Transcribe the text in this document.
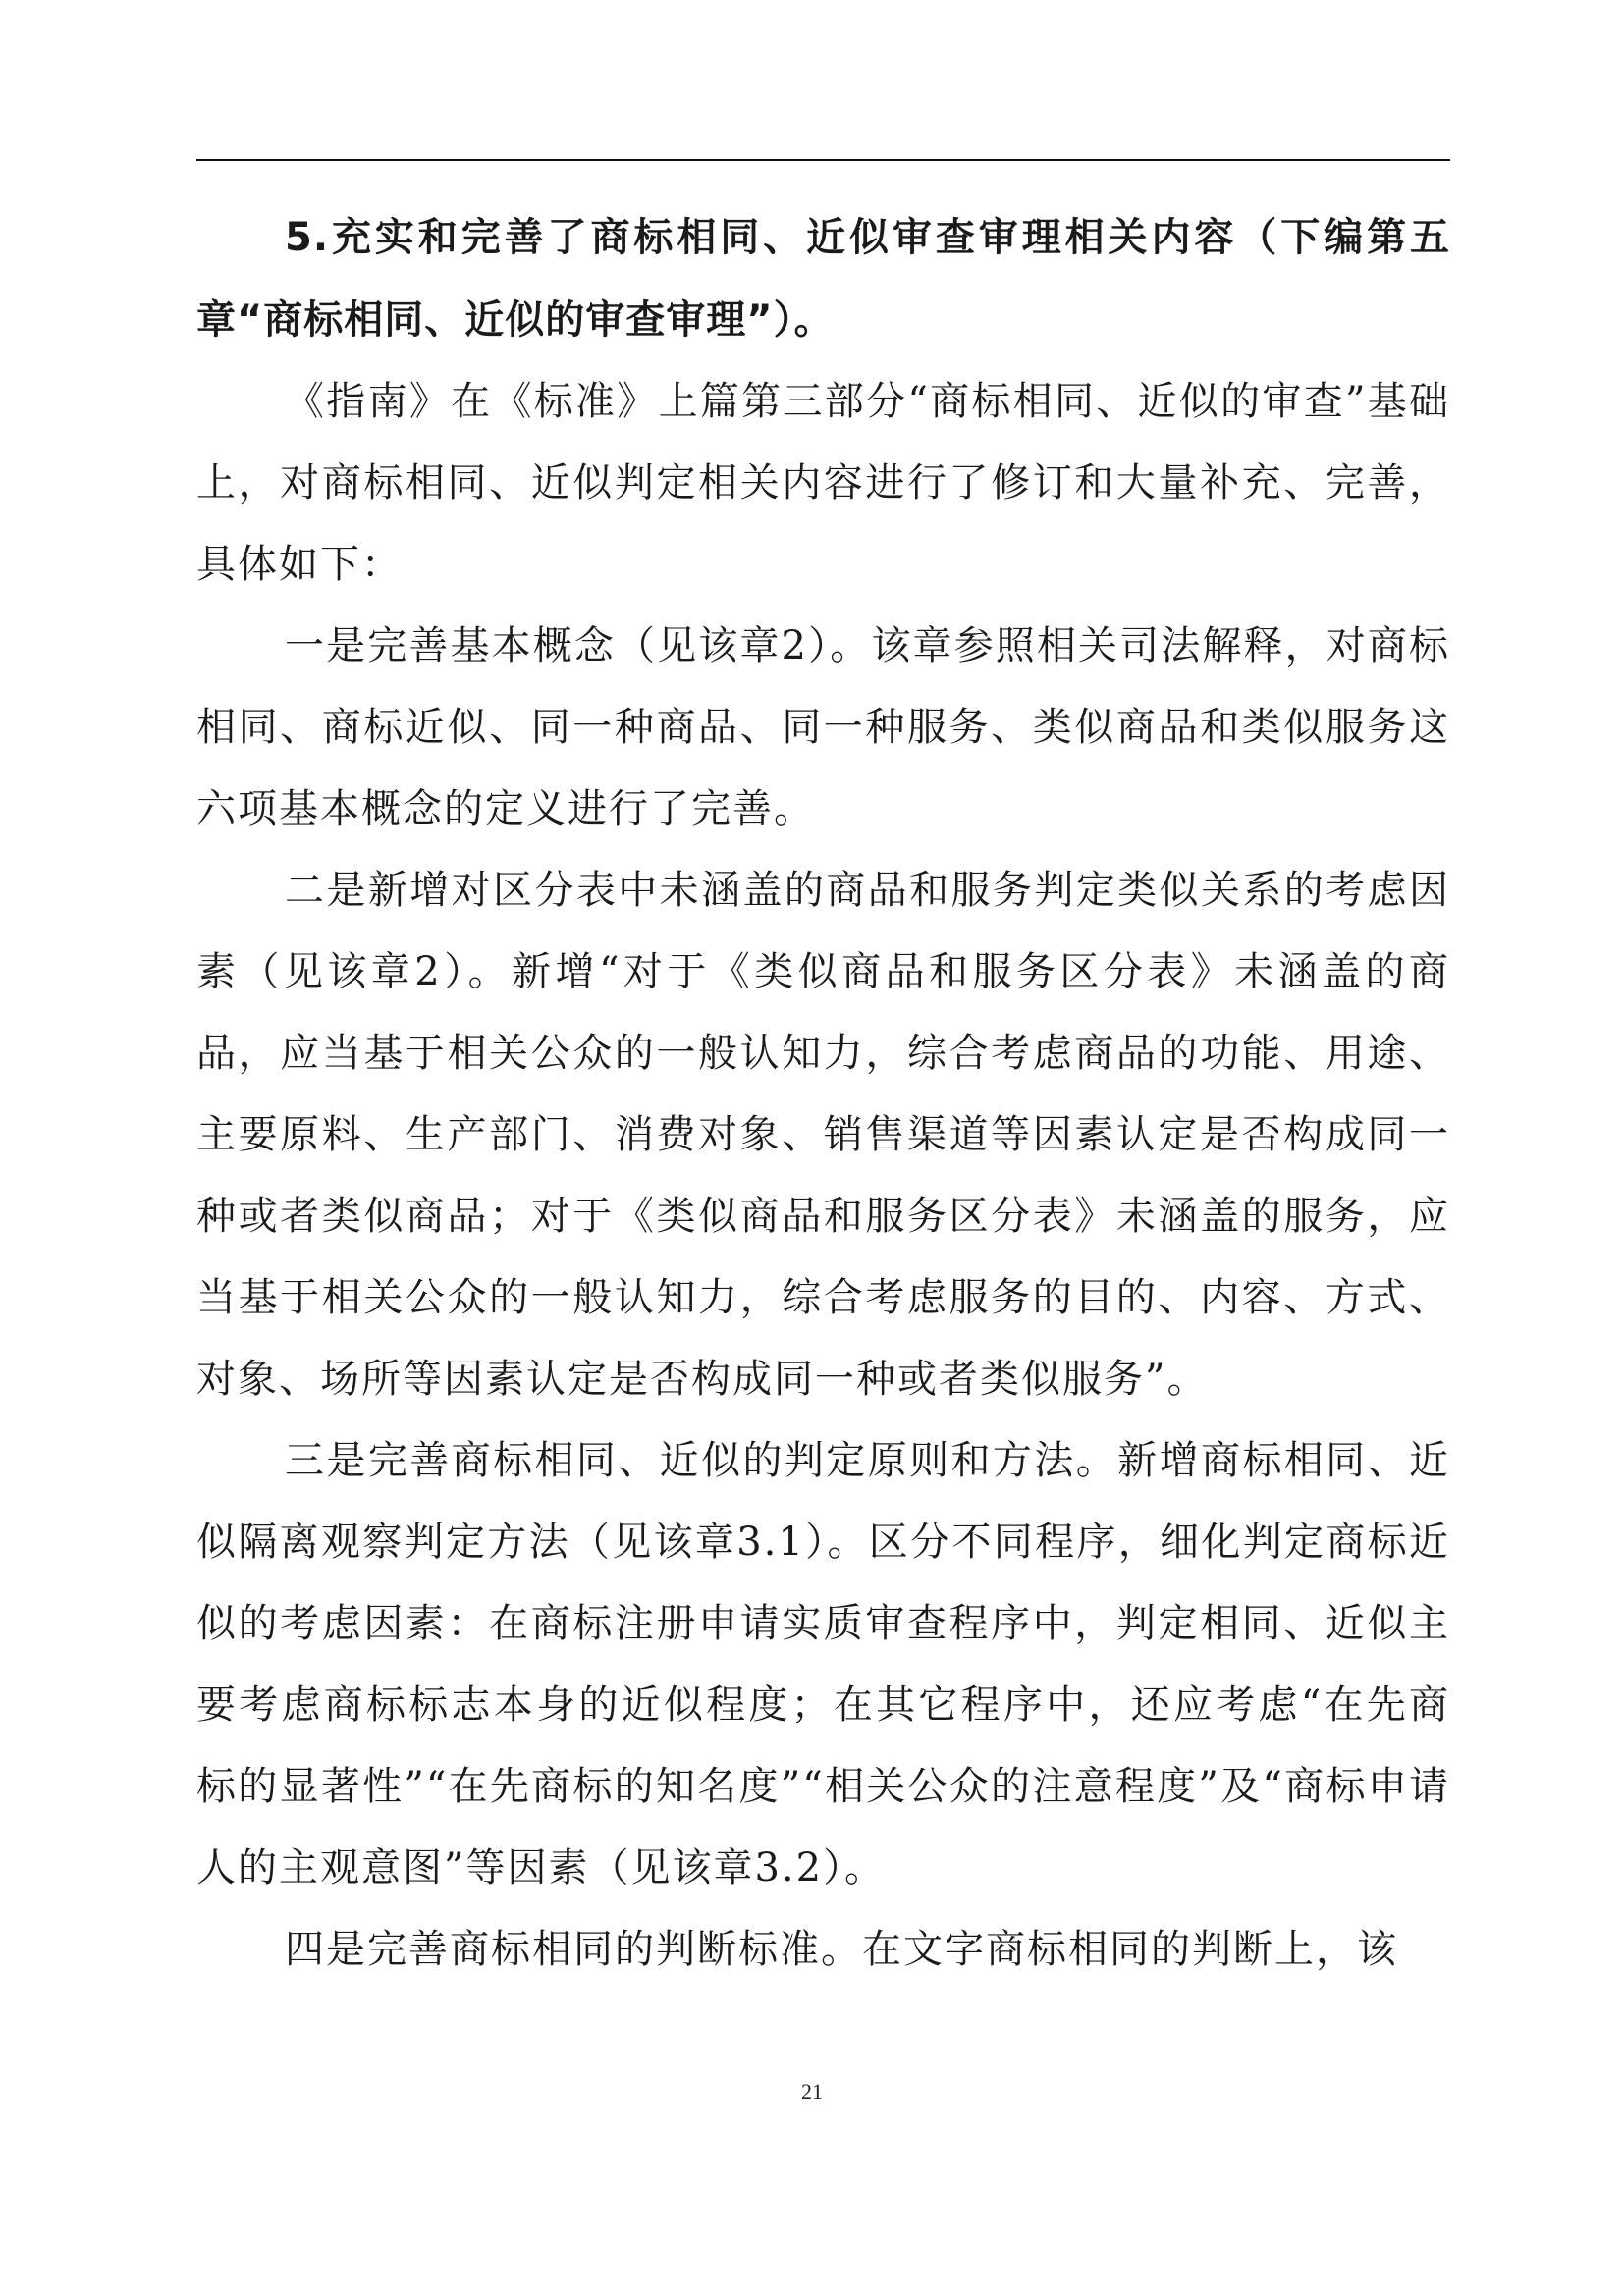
5.充实和完善了商标相同、近似审查审理相关内容（下编第五章“商标相同、近似的审查审理”）。

《指南》在《标准》上篇第三部分“商标相同、近似的审查”基础上，对商标相同、近似判定相关内容进行了修订和大量补充、完善，具体如下：

一是完善基本概念（见该章2）。该章参照相关司法解释，对商标相同、商标近似、同一种商品、同一种服务、类似商品和类似服务这六项基本概念的定义进行了完善。

二是新增对区分表中未涵盖的商品和服务判定类似关系的考虑因素（见该章2）。新增“对于《类似商品和服务区分表》未涵盖的商品，应当基于相关公众的一般认知力，综合考虑商品的功能、用途、主要原料、生产部门、消费对象、销售渠道等因素认定是否构成同一种或者类似商品；对于《类似商品和服务区分表》未涵盖的服务，应当基于相关公众的一般认知力，综合考虑服务的目的、内容、方式、对象、场所等因素认定是否构成同一种或者类似服务”。

三是完善商标相同、近似的判定原则和方法。新增商标相同、近似隔离观察判定方法（见该章3.1）。区分不同程序，细化判定商标近似的考虑因素：在商标注册申请实质审查程序中，判定相同、近似主要考虑商标标志本身的近似程度；在其它程序中，还应考虑“在先商标的显著性”“在先商标的知名度”“相关公众的注意程度”及“商标申请人的主观意图”等因素（见该章3.2）。

四是完善商标相同的判断标准。在文字商标相同的判断上，该

21
